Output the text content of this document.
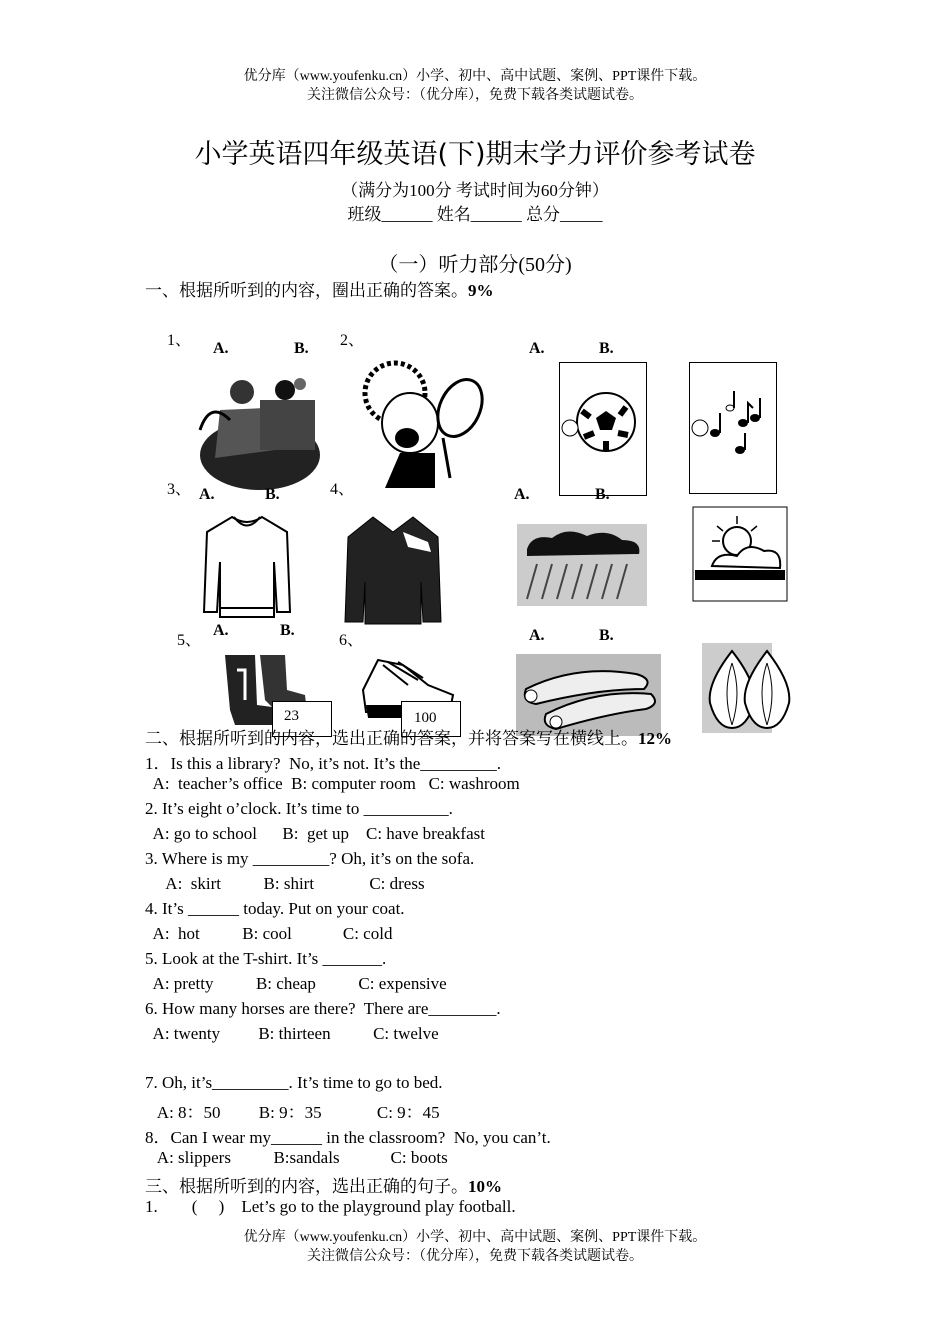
优分库（www.youfenku.cn）小学、初中、高中试题、案例、PPT课件下载。
关注微信公众号：（优分库），免费下载各类试题试卷。
小学英语四年级英语(下)期末学力评价参考试卷
（满分为100分 考试时间为60分钟）
班级______ 姓名______ 总分_____
（一）听力部分(50分)
一、根据所听到的内容，圈出正确的答案。9%
1、 A.	B. 2、	A.	B.
3、 A.	B.	4、	A.	B.
5、
A.	B.
6、	A.	B.
23	100
二、根据所听到的内容，选出正确的答案，并将答案写在横线上。12%
1．Is this a library?  No, it’s not. It’s the_________.
A:  teacher’s office  B: computer room   C: washroom
2. It’s eight o’clock. It’s time to __________.
A: go to school      B:  get up    C: have breakfast
3. Where is my _________? Oh, it’s on the sofa.
A:  skirt          B: shirt             C: dress
4. It’s ______ today. Put on your coat.
A:  hot          B: cool            C: cold
5. Look at the T-shirt. It’s _______.
A: pretty          B: cheap          C: expensive
6. How many horses are there?  There are________.
A: twenty         B: thirteen          C: twelve
7. Oh, it’s_________. It’s time to go to bed.
A: 8：50         B: 9：35             C: 9：45
8．Can I wear my______ in the classroom?  No, you can’t.
A: slippers          B:sandals            C: boots
三、根据所听到的内容，选出正确的句子。10%
1.        (     )    Let’s go to the playground play football.
优分库（www.youfenku.cn）小学、初中、高中试题、案例、PPT课件下载。
关注微信公众号：（优分库），免费下载各类试题试卷。
